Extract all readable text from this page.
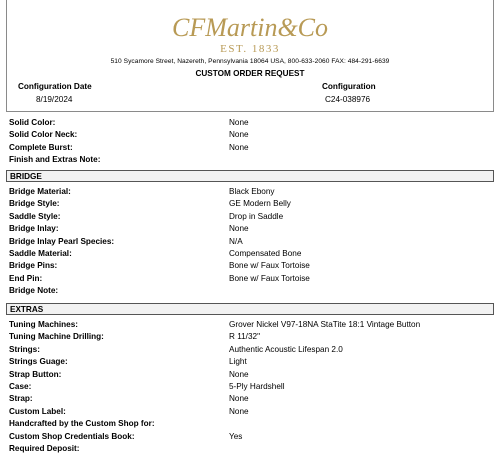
CFMartin&Co
EST. 1833
510 Sycamore Street, Nazereth, Pennsylvania 18064 USA, 800-633-2060 FAX: 484-291-6639
CUSTOM ORDER REQUEST
Configuration Date
8/19/2024
Configuration
C24-038976
Solid Color:	None
Solid Color Neck:	None
Complete Burst:	None
Finish and Extras Note:
BRIDGE
Bridge Material:	Black Ebony
Bridge Style:	GE Modern Belly
Saddle Style:	Drop in Saddle
Bridge Inlay:	None
Bridge Inlay Pearl Species:	N/A
Saddle Material:	Compensated Bone
Bridge Pins:	Bone w/ Faux Tortoise
End Pin:	Bone w/ Faux Tortoise
Bridge Note:
EXTRAS
Tuning Machines:	Grover Nickel V97-18NA StaTite 18:1 Vintage Button
Tuning Machine Drilling:	R 11/32"
Strings:	Authentic Acoustic Lifespan 2.0
Strings Guage:	Light
Strap Button:	None
Case:	5-Ply Hardshell
Strap:	None
Custom Label:	None
Handcrafted by the Custom Shop for:
Custom Shop Credentials Book:	Yes
Required Deposit:
